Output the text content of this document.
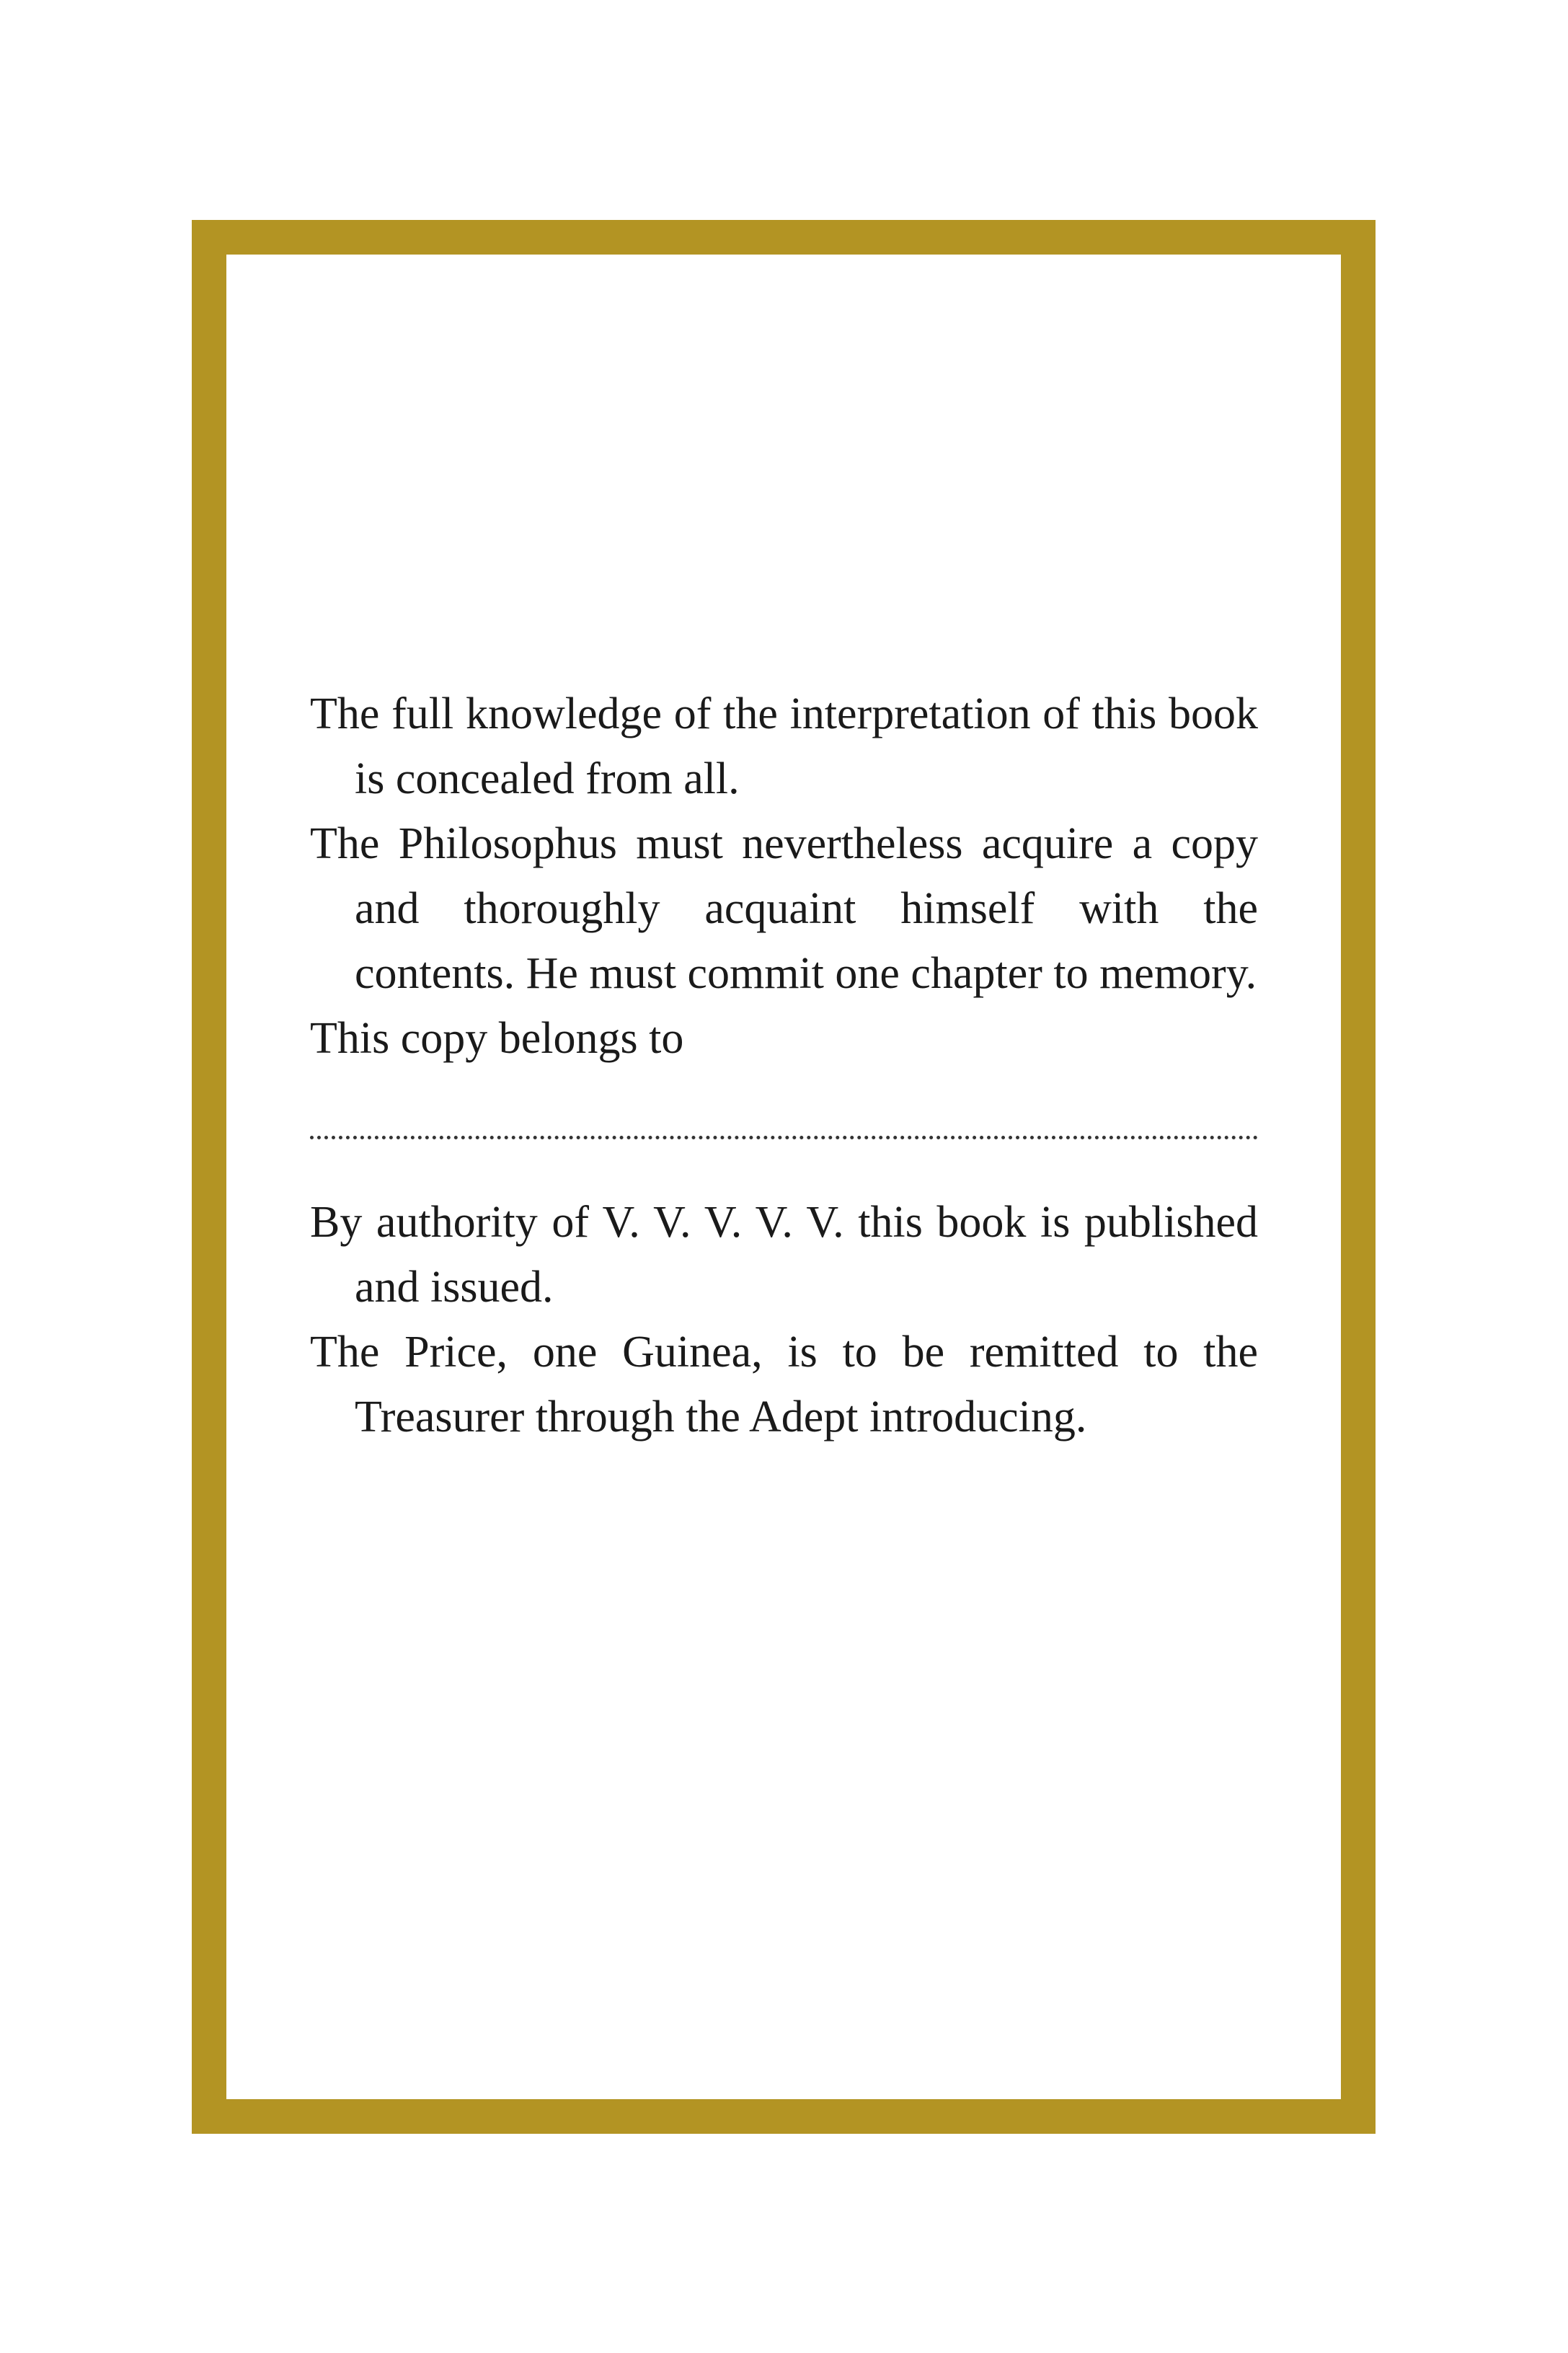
The full knowledge of the interpretation of this book is concealed from all.

The Philosophus must nevertheless acquire a copy and thoroughly acquaint himself with the contents. He must commit one chapter to memory.

This copy belongs to

By authority of V. V. V. V. V. this book is published and issued.

The Price, one Guinea, is to be remitted to the Treasurer through the Adept introducing.
